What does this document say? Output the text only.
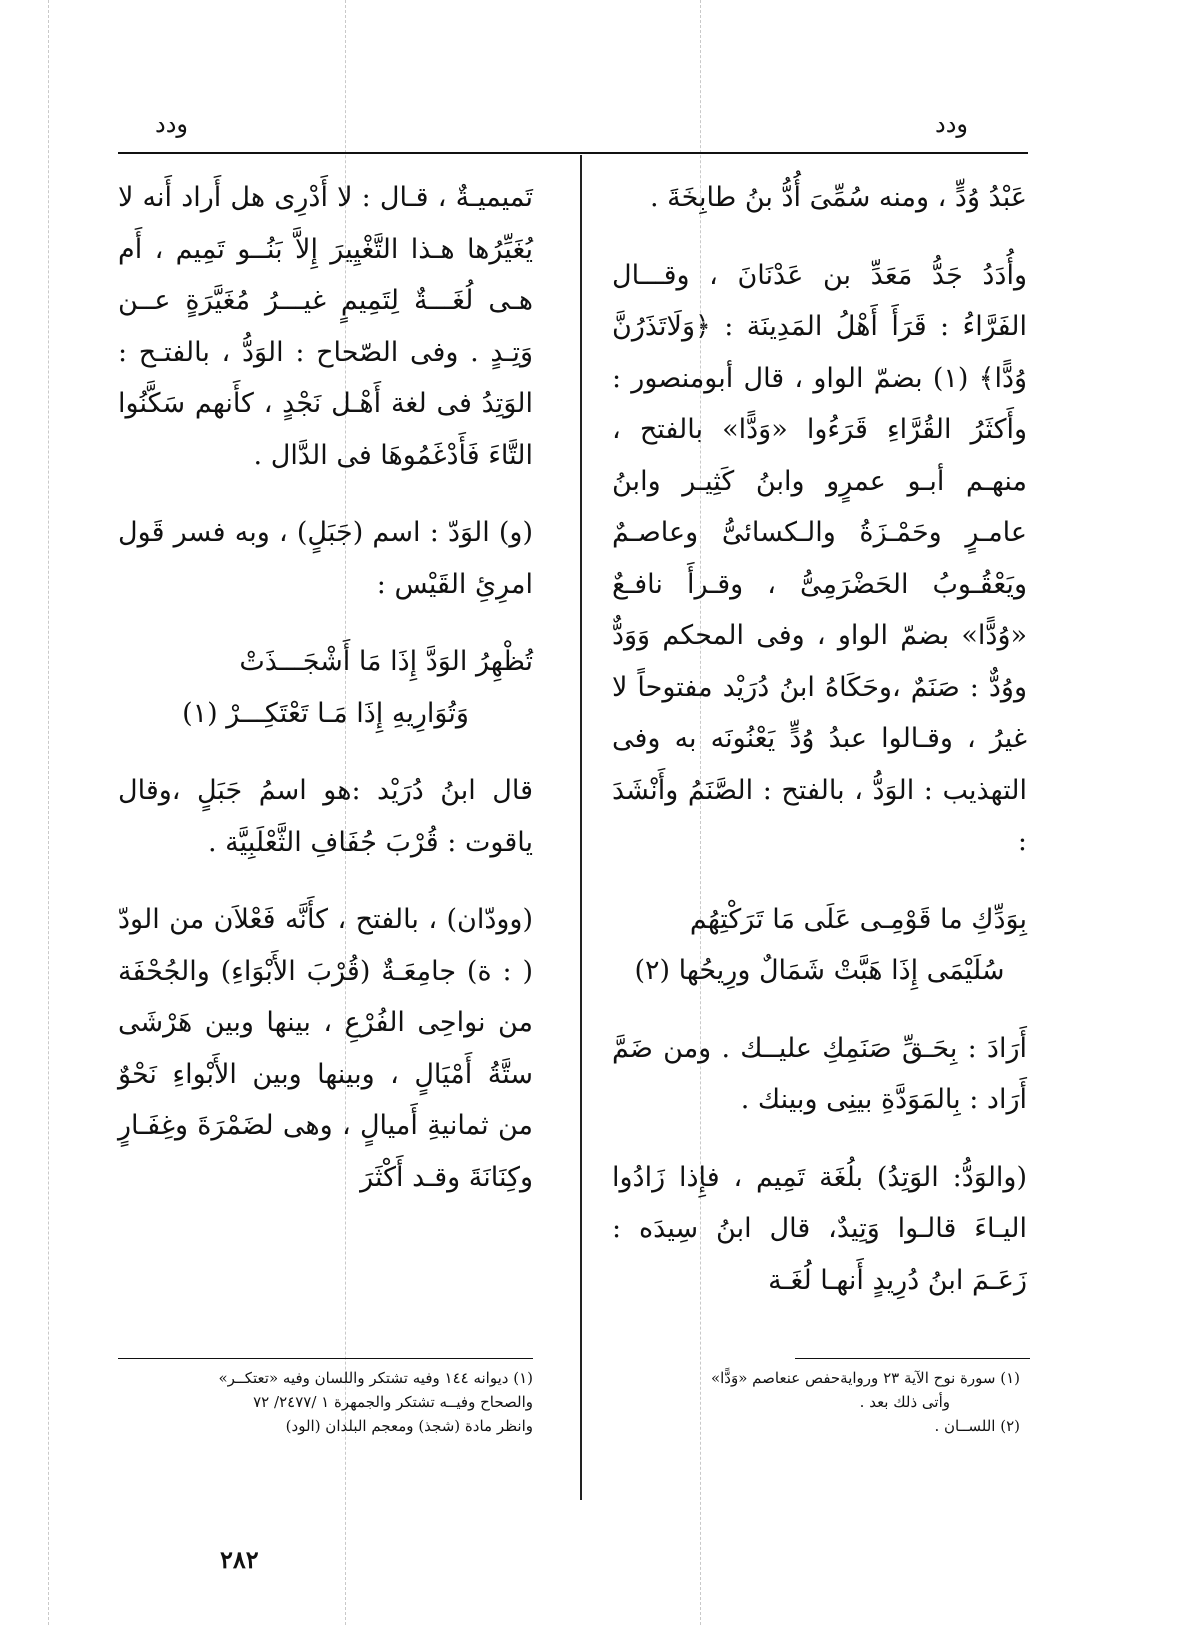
ودد	ودد

عَبْدُ وُدٍّ ، ومنه سُمِّىَ أُدُّ بنُ طابِخَةَ .

وأُدَدُ جَدُّ مَعَدِّ بن عَدْنَانَ ، وقـــال الفَرَّاءُ : قَرَأَ أَهْلُ المَدِينَة : ﴿وَلَاتَذَرُنَّ وُدًّا﴾ (١) بضمّ الواو ، قال أبومنصور : وأَكثَرُ القُرَّاءِ قَرَءُوا «وَدًّا» بالفتح ، منهـم أبـو عمرٍو وابنُ كَثِيـر وابنُ عامـرٍ وحَمْـزَةُ والـكسائىُّ وعاصـمٌ ويَعْقُـوبُ الحَضْرَمِىُّ ، وقـرأَ نافـعٌ «وُدًّا» بضمّ الواو ، وفى المحكم وَوَدٌّ ووُدٌّ : صَنَمٌ ،وحَكَاهُ ابنُ دُرَيْد مفتوحاً لا غيرُ ، وقـالوا عبدُ وُدٍّ يَعْنُونَه به وفى التهذيب : الوَدُّ ، بالفتح : الصَّنَمُ وأَنْشَدَ :

بِوَدِّكِ ما قَوْمِـى عَلَى مَا تَرَكْتِهُم

سُلَيْمَى إِذَا هَبَّتْ شَمَالٌ ورِيحُها (٢)

أَرَادَ : بِحَـقِّ صَنَمِكِ عليــك . ومن ضَمَّ أَرَاد : بِالمَوَدَّةِ بينِى وبينك .

(والوَدُّ: الوَتِدُ) بلُغَة تَمِيم ، فإِذا زَادُوا اليـاءَ قالـوا وَتِيدٌ، قال ابنُ سِيدَه : زَعَـمَ ابنُ دُرِيدٍ أَنهـا لُغَـة

تَميميـةٌ ، قـال : لا أَدْرِى هل أَراد أَنه لا يُغَيِّرُها هـذا التَّغْيِيرَ إِلاَّ بَنُــو تَمِيم ، أَم هـى لُغَـــةٌ لِتَمِيمٍ غيـــرُ مُغَيَّرَةٍ عــن وَتِـدٍ . وفى الصّحاح : الوَدُّ ، بالفتـح : الوَتِدُ فى لغة أَهْـل نَجْدٍ ، كأَنهم سَكَّنُوا التَّاءَ فَأَدْغَمُوهَا فى الدَّال .

(و) الوَدّ : اسم (جَبَلٍ) ، وبه فسر قَول امرِئِ القَيْس :

تُظْهِرُ الوَدَّ إِذَا مَا أَشْجَـــذَتْ

وَتُوَارِيهِ إِذَا مَـا تَعْتَكِـــرْ (١)

قال ابنُ دُرَيْد :هو اسمُ جَبَلٍ ،وقال ياقوت : قُرْبَ جُفَافِ الثَّعْلَبِيَّة .

(وودّان) ، بالفتح ، كأَنَّه فَعْلاَن من الودّ ( : ة) جامِعَـةٌ (قُرْبَ الأَبْوَاءِ) والجُحْفَة من نواحِى الفُرْعِ ، بينها وبين هَرْشَى ستَّةُ أَمْيَالٍ ، وبينها وبين الأَبْواءِ نَحْوٌ من ثمانيةِ أَميالٍ ، وهى لضَمْرَةَ وغِفَـارٍ وكِنَانَةَ وقـد أَكْثَرَ

(١) سورة نوح الآية ٢٣ وروايةحفص عنعاصم «وَدًّا»
وأتى ذلك بعد .
(٢) اللســان .
(١) ديوانه ١٤٤ وفيه تشتكر واللسان وفيه «تعتكــر»
والصحاح وفيــه تشتكر والجمهرة ١ /٢٤٧٧/ ٧٢
وانظر مادة (شجذ) ومعجم البلدان (الود)
٢٨٢
